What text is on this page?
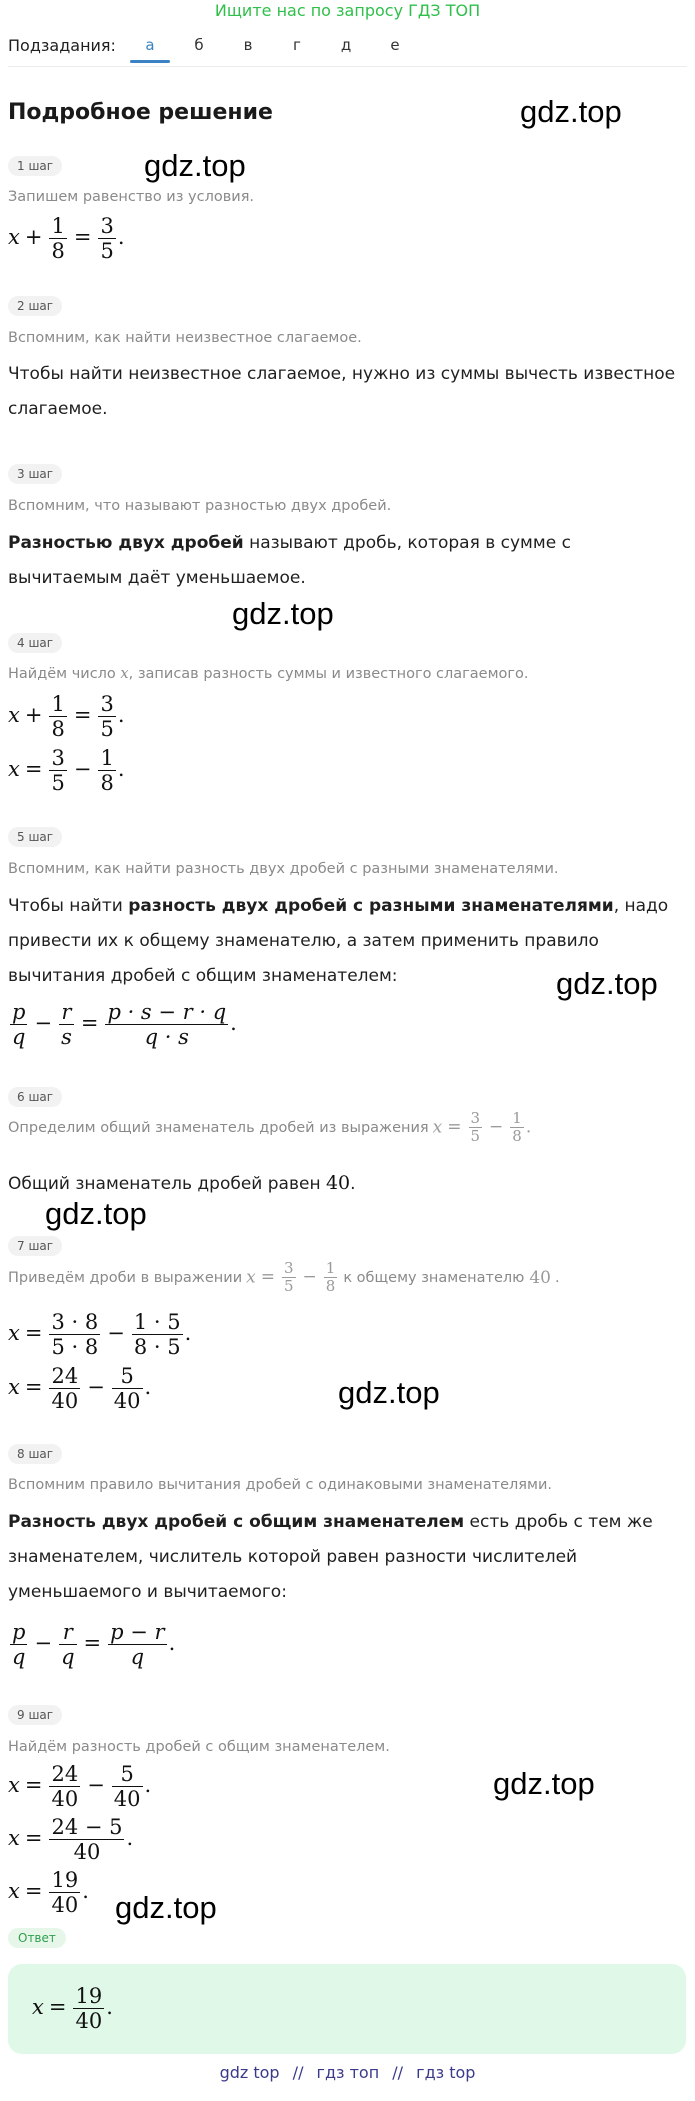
Ищите нас по запросу ГДЗ ТОП
Подзадания:	а	б	в	г	д	е
Подробное решение	gdz.top
gdz.top
gdz.top
gdz.top
gdz.top
gdz.top
gdz.top
gdz.top
1 шаг
Запишем равенство из условия.
$x + \frac{1}{8} = \frac{3}{5}$ .
2 шаг
Вспомним, как найти неизвестное слагаемое.
Чтобы найти неизвестное слагаемое, нужно из суммы вычесть известное слагаемое.
3 шаг
Вспомним, что называют разностью двух дробей.
Разностью двух дробей называют дробь, которая в сумме с вычитаемым даёт уменьшаемое.
4 шаг
Найдём число x, записав разность суммы и известного слагаемого.
$x + \frac{1}{8} = \frac{3}{5}$ .
$x = \frac{3}{5} - \frac{1}{8}$ .
5 шаг
Вспомним, как найти разность двух дробей с разными знаменателями.
Чтобы найти разность двух дробей с разными знаменателями, надо привести их к общему знаменателю, а затем применить правило вычитания дробей с общим знаменателем:
$\frac{p}{q} - \frac{r}{s} = \frac{p \cdot s - r \cdot q}{q \cdot s}$ .
6 шаг
Определим общий знаменатель дробей из выражения $x = \frac{3}{5} - \frac{1}{8}$ .
Общий знаменатель дробей равен 40.
7 шаг
Приведём дроби в выражении $x = \frac{3}{5} - \frac{1}{8}$ к общему знаменателю 40 .
$x = \frac{3 \cdot 8}{5 \cdot 8} - \frac{1 \cdot 5}{8 \cdot 5}$ .
$x = \frac{24}{40} - \frac{5}{40}$ .
8 шаг
Вспомним правило вычитания дробей с одинаковыми знаменателями.
Разность двух дробей с общим знаменателем есть дробь с тем же знаменателем, числитель которой равен разности числителей уменьшаемого и вычитаемого:
$\frac{p}{q} - \frac{r}{q} = \frac{p - r}{q}$ .
9 шаг
Найдём разность дробей с общим знаменателем.
$x = \frac{24}{40} - \frac{5}{40}$ .
$x = \frac{24 - 5}{40}$ .
$x = \frac{19}{40}$ .
Ответ
$x = \frac{19}{40}$ .
gdz top // гдз топ // гдз top
